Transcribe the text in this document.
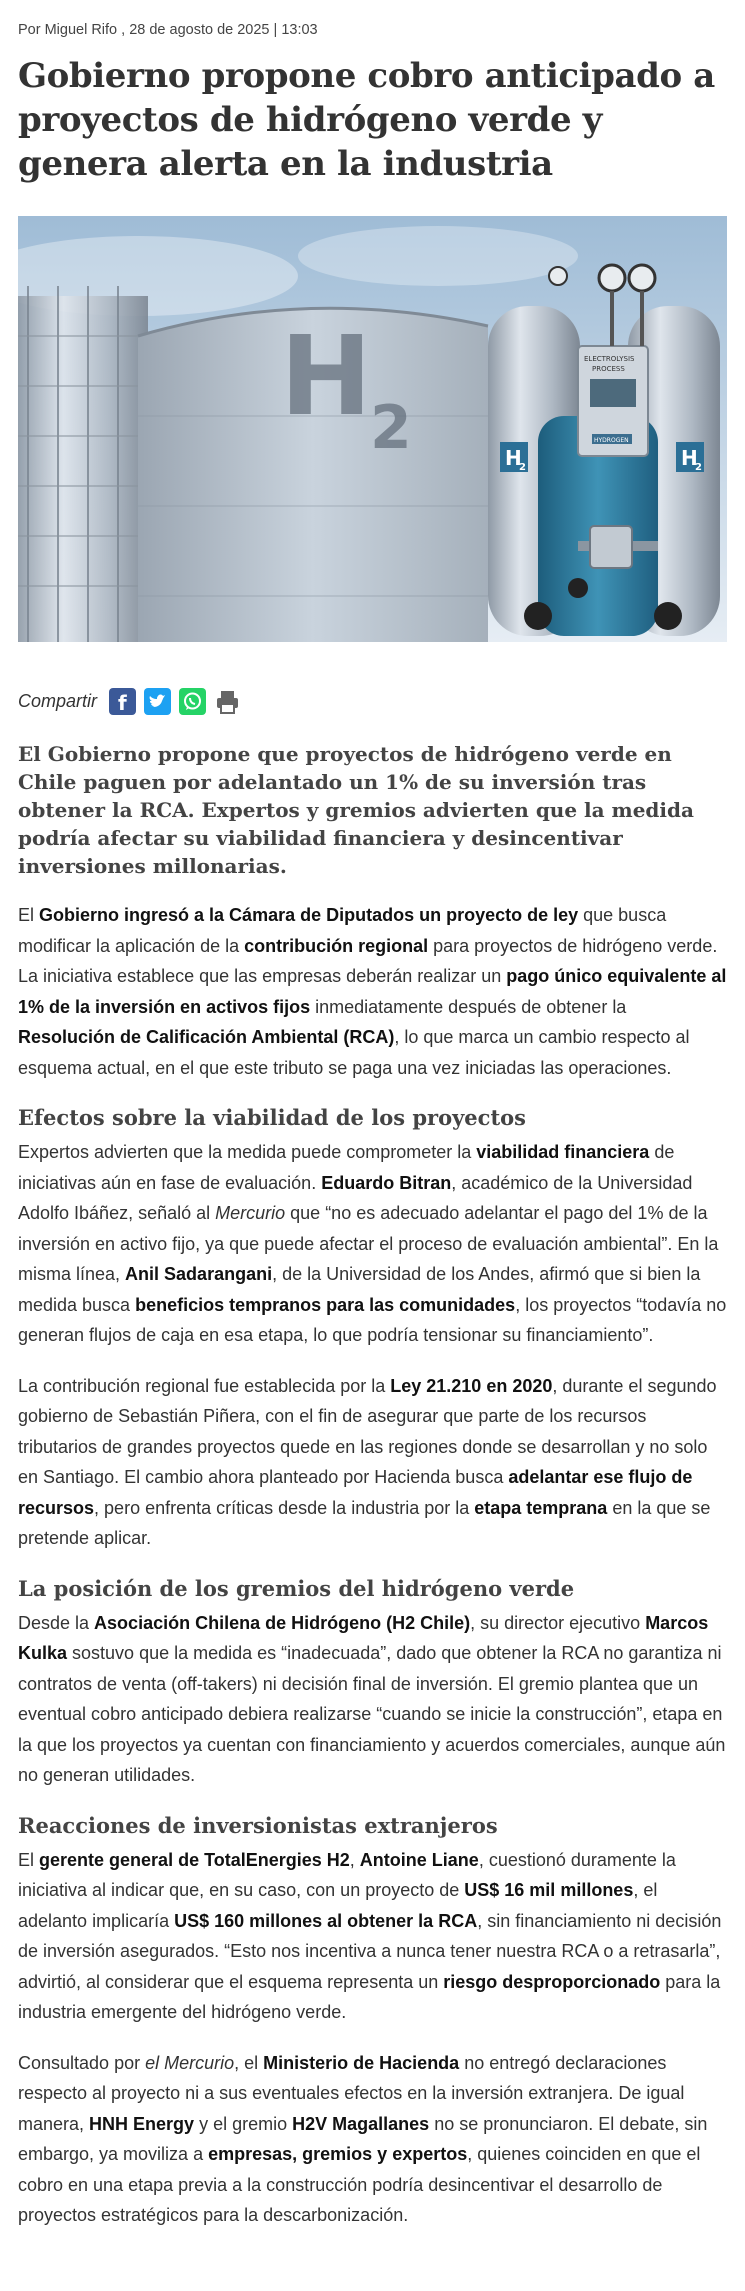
Por Miguel Rifo , 28 de agosto de 2025 | 13:03
Gobierno propone cobro anticipado a proyectos de hidrógeno verde y genera alerta en la industria
H
2
ELECTROLYSIS
PROCESS
HYDROGEN
H
2	H
2
Compartir f

El Gobierno propone que proyectos de hidrógeno verde en Chile paguen por adelantado un 1% de su inversión tras obtener la RCA. Expertos y gremios advierten que la medida podría afectar su viabilidad financiera y desincentivar inversiones millonarias.

El Gobierno ingresó a la Cámara de Diputados un proyecto de ley que busca modificar la aplicación de la contribución regional para proyectos de hidrógeno verde. La iniciativa establece que las empresas deberán realizar un pago único equivalente al 1% de la inversión en activos fijos inmediatamente después de obtener la Resolución de Calificación Ambiental (RCA), lo que marca un cambio respecto al esquema actual, en el que este tributo se paga una vez iniciadas las operaciones.

Efectos sobre la viabilidad de los proyectos

Expertos advierten que la medida puede comprometer la viabilidad financiera de iniciativas aún en fase de evaluación. Eduardo Bitran, académico de la Universidad Adolfo Ibáñez, señaló al Mercurio que “no es adecuado adelantar el pago del 1% de la inversión en activo fijo, ya que puede afectar el proceso de evaluación ambiental”. En la misma línea, Anil Sadarangani, de la Universidad de los Andes, afirmó que si bien la medida busca beneficios tempranos para las comunidades, los proyectos “todavía no generan flujos de caja en esa etapa, lo que podría tensionar su financiamiento”.

La contribución regional fue establecida por la Ley 21.210 en 2020, durante el segundo gobierno de Sebastián Piñera, con el fin de asegurar que parte de los recursos tributarios de grandes proyectos quede en las regiones donde se desarrollan y no solo en Santiago. El cambio ahora planteado por Hacienda busca adelantar ese flujo de recursos, pero enfrenta críticas desde la industria por la etapa temprana en la que se pretende aplicar.

La posición de los gremios del hidrógeno verde

Desde la Asociación Chilena de Hidrógeno (H2 Chile), su director ejecutivo Marcos Kulka sostuvo que la medida es “inadecuada”, dado que obtener la RCA no garantiza ni contratos de venta (off-takers) ni decisión final de inversión. El gremio plantea que un eventual cobro anticipado debiera realizarse “cuando se inicie la construcción”, etapa en la que los proyectos ya cuentan con financiamiento y acuerdos comerciales, aunque aún no generan utilidades.

Reacciones de inversionistas extranjeros

El gerente general de TotalEnergies H2, Antoine Liane, cuestionó duramente la iniciativa al indicar que, en su caso, con un proyecto de US$ 16 mil millones, el adelanto implicaría US$ 160 millones al obtener la RCA, sin financiamiento ni decisión de inversión asegurados. “Esto nos incentiva a nunca tener nuestra RCA o a retrasarla”, advirtió, al considerar que el esquema representa un riesgo desproporcionado para la industria emergente del hidrógeno verde.

Consultado por el Mercurio, el Ministerio de Hacienda no entregó declaraciones respecto al proyecto ni a sus eventuales efectos en la inversión extranjera. De igual manera, HNH Energy y el gremio H2V Magallanes no se pronunciaron. El debate, sin embargo, ya moviliza a empresas, gremios y expertos, quienes coinciden en que el cobro en una etapa previa a la construcción podría desincentivar el desarrollo de proyectos estratégicos para la descarbonización.
